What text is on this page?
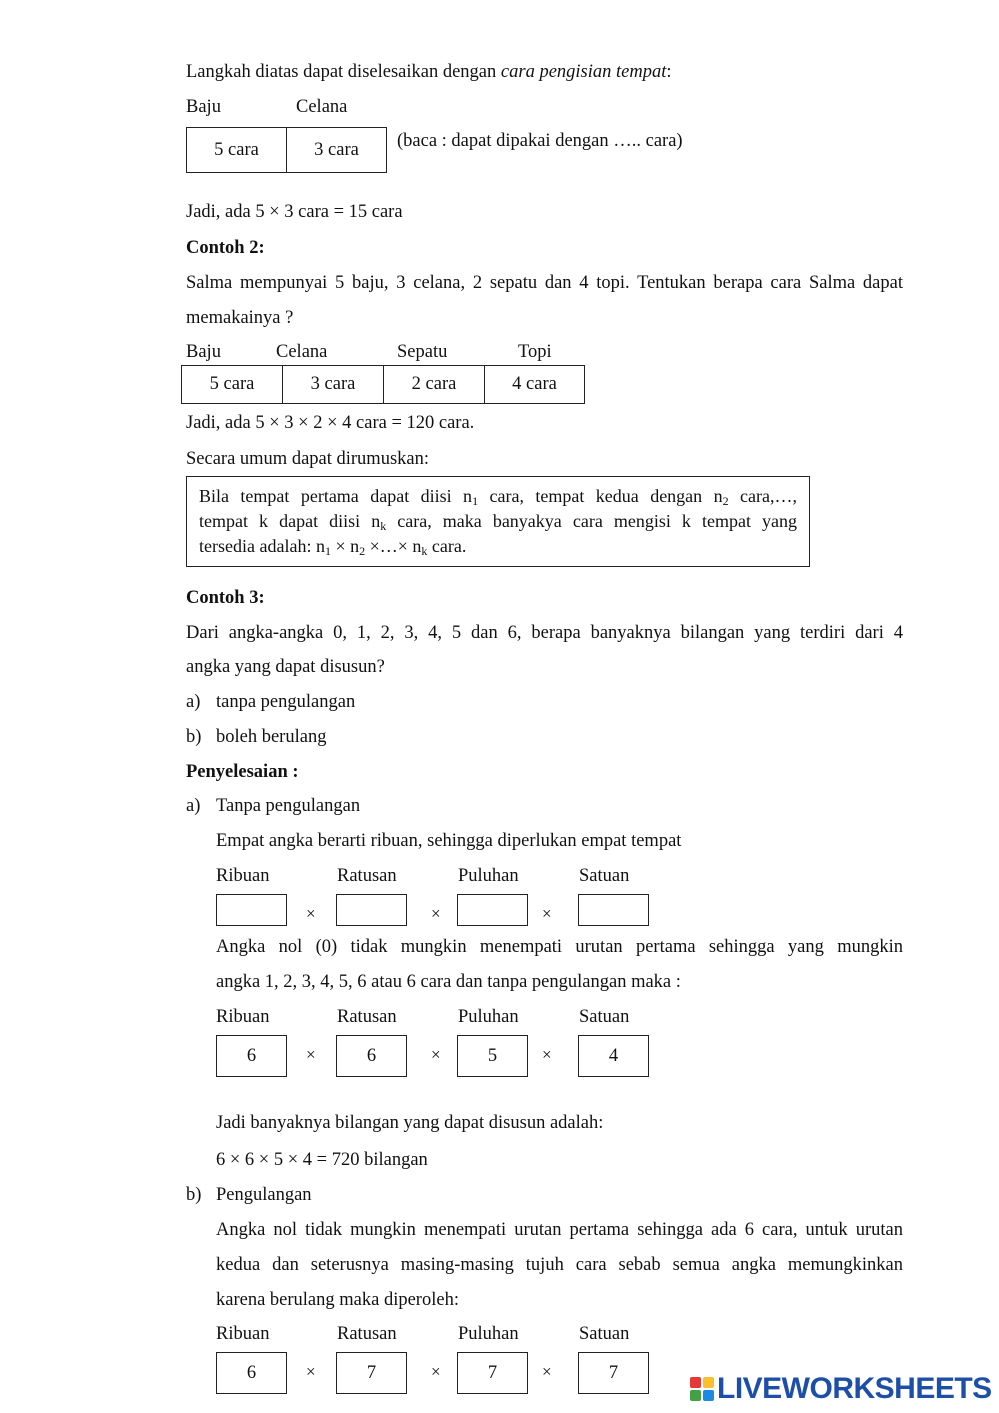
Langkah diatas dapat diselesaikan dengan cara pengisian tempat:
Baju	Celana
5 cara	3 cara	(baca : dapat dipakai dengan ….. cara)
Jadi, ada 5 × 3 cara = 15 cara
Contoh 2:
Salma mempunyai 5 baju, 3 celana, 2 sepatu dan 4 topi. Tentukan berapa cara Salma dapat
memakainya ?
Baju	Celana	Sepatu	Topi
5 cara	3 cara	2 cara	4 cara
Jadi, ada 5 × 3 × 2 × 4 cara = 120 cara.
Secara umum dapat dirumuskan:
Bila tempat pertama dapat diisi $n_1$ cara, tempat kedua dengan $n_2$ cara,…,
tempat k dapat diisi $n_k$ cara, maka banyakya cara mengisi k tempat yang
tersedia adalah: $n_1 \times n_2$ ×…× $n_k$ cara.
Contoh 3:
Dari angka-angka 0, 1, 2, 3, 4, 5 dan 6, berapa banyaknya bilangan yang terdiri dari 4
angka yang dapat disusun?
a) tanpa pengulangan
b) boleh berulang
Penyelesaian :
a) Tanpa pengulangan
Empat angka berarti ribuan, sehingga diperlukan empat tempat
Ribuan	Ratusan	Puluhan	Satuan
×	×	×
Angka nol (0) tidak mungkin menempati urutan pertama sehingga yang mungkin
angka 1, 2, 3, 4, 5, 6 atau 6 cara dan tanpa pengulangan maka :
Ribuan	Ratusan	Puluhan	Satuan
6	×	6	×	5	×	4
Jadi banyaknya bilangan yang dapat disusun adalah:
6 × 6 × 5 × 4 = 720 bilangan
b) Pengulangan
Angka nol tidak mungkin menempati urutan pertama sehingga ada 6 cara, untuk urutan
kedua dan seterusnya masing-masing tujuh cara sebab semua angka memungkinkan
karena berulang maka diperoleh:
Ribuan	Ratusan	Puluhan	Satuan
6	×	7	×	7	×	7	LIVEWORKSHEETS
